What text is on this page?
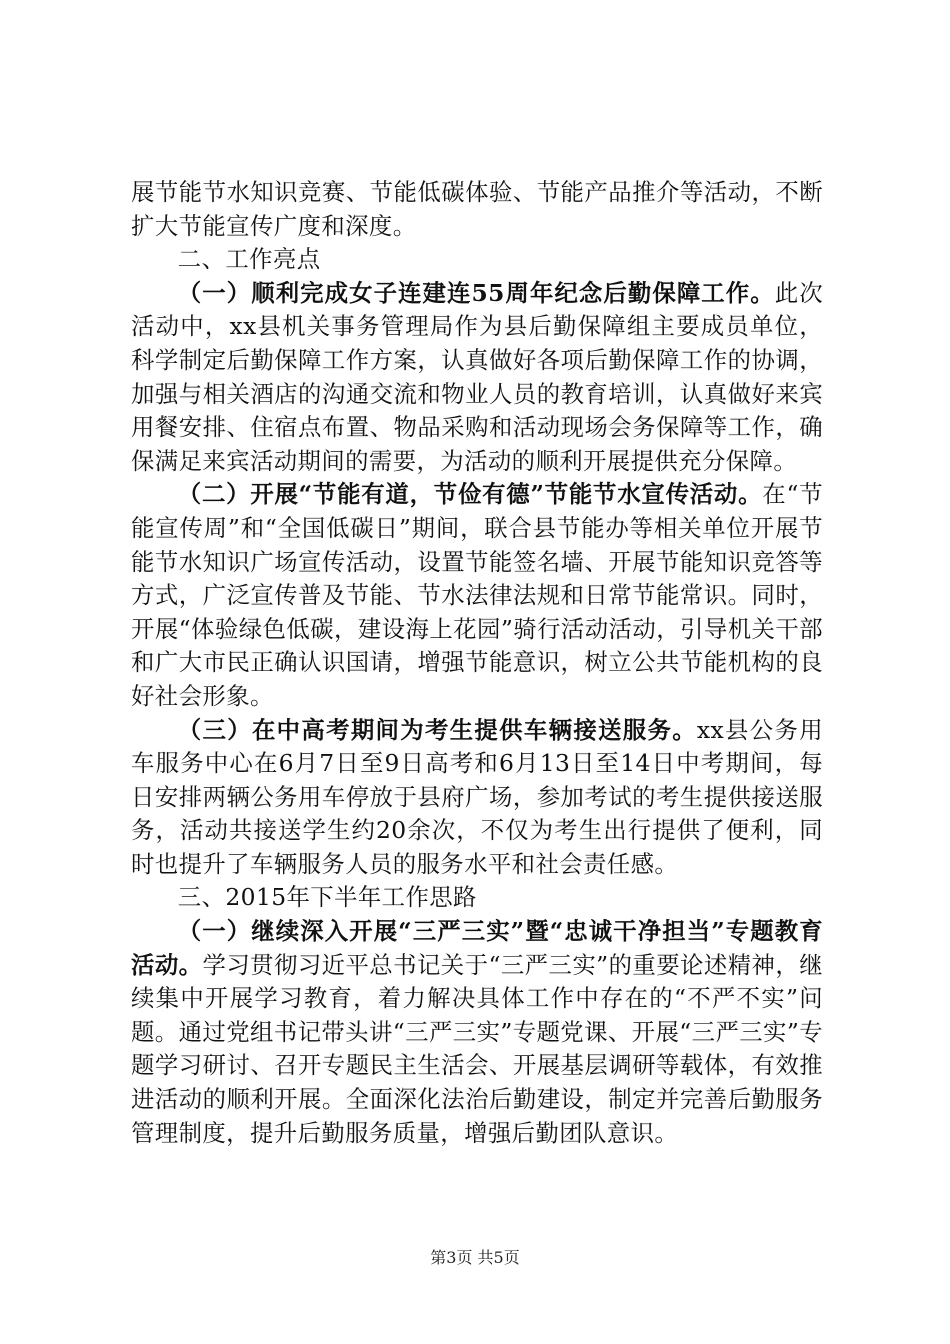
展节能节水知识竞赛、节能低碳体验、节能产品推介等活动，不断扩大节能宣传广度和深度。

二、工作亮点

（一）顺利完成女子连建连55周年纪念后勤保障工作。此次活动中，xx县机关事务管理局作为县后勤保障组主要成员单位，科学制定后勤保障工作方案，认真做好各项后勤保障工作的协调，加强与相关酒店的沟通交流和物业人员的教育培训，认真做好来宾用餐安排、住宿点布置、物品采购和活动现场会务保障等工作，确保满足来宾活动期间的需要，为活动的顺利开展提供充分保障。

（二）开展“节能有道，节俭有德”节能节水宣传活动。在“节能宣传周”和“全国低碳日”期间，联合县节能办等相关单位开展节能节水知识广场宣传活动，设置节能签名墙、开展节能知识竞答等方式，广泛宣传普及节能、节水法律法规和日常节能常识。同时，开展“体验绿色低碳，建设海上花园”骑行活动活动，引导机关干部和广大市民正确认识国请，增强节能意识，树立公共节能机构的良好社会形象。

（三）在中高考期间为考生提供车辆接送服务。xx县公务用车服务中心在6月7日至9日高考和6月13日至14日中考期间，每日安排两辆公务用车停放于县府广场，参加考试的考生提供接送服务，活动共接送学生约20余次，不仅为考生出行提供了便利，同时也提升了车辆服务人员的服务水平和社会责任感。

三、2015年下半年工作思路

（一）继续深入开展“三严三实”暨“忠诚干净担当”专题教育活动。学习贯彻习近平总书记关于“三严三实”的重要论述精神，继续集中开展学习教育，着力解决具体工作中存在的“不严不实”问题。通过党组书记带头讲“三严三实”专题党课、开展“三严三实”专题学习研讨、召开专题民主生活会、开展基层调研等载体，有效推进活动的顺利开展。全面深化法治后勤建设，制定并完善后勤服务管理制度，提升后勤服务质量，增强后勤团队意识。

第3页 共5页
